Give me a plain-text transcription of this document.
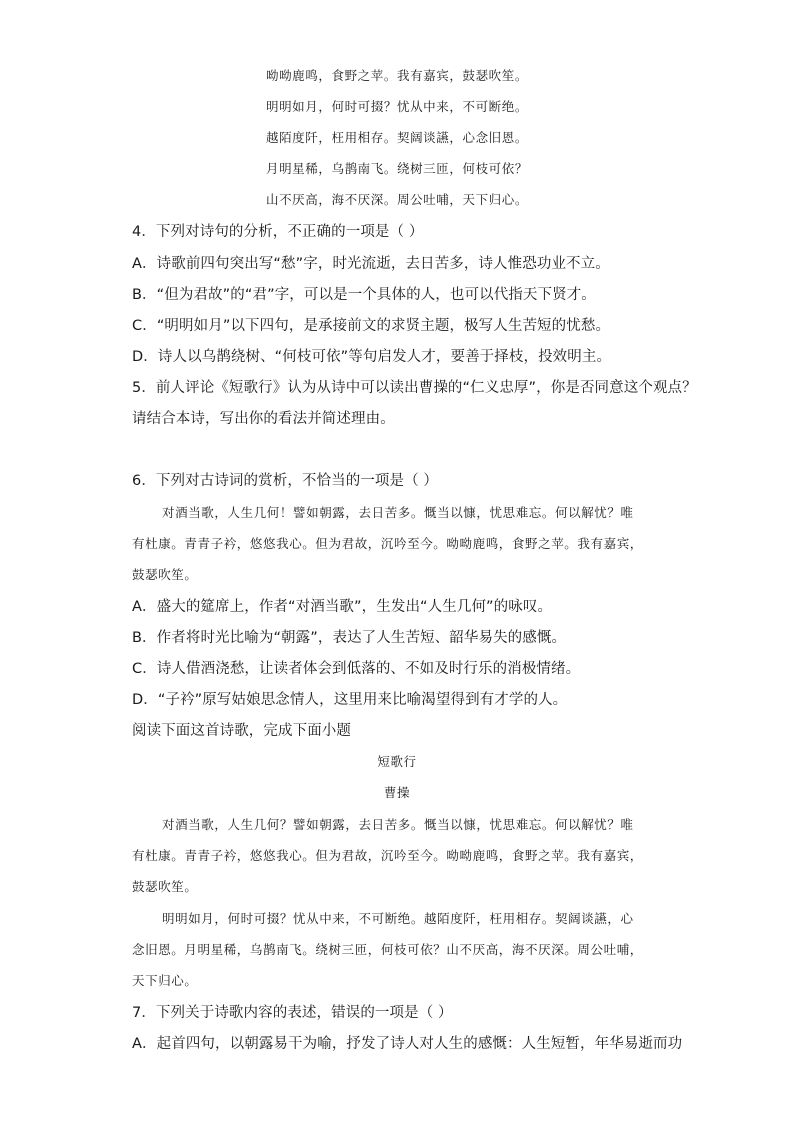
呦呦鹿鸣，食野之苹。我有嘉宾，鼓瑟吹笙。
明明如月，何时可掇？忧从中来，不可断绝。
越陌度阡，枉用相存。契阔谈讌，心念旧恩。
月明星稀，乌鹊南飞。绕树三匝，何枝可依？
山不厌高，海不厌深。周公吐哺，天下归心。
4．下列对诗句的分析，不正确的一项是（ ）
A．诗歌前四句突出写“愁”字，时光流逝，去日苦多，诗人惟恐功业不立。
B．“但为君故”的“君”字，可以是一个具体的人，也可以代指天下贤才。
C．“明明如月”以下四句，是承接前文的求贤主题，极写人生苦短的忧愁。
D．诗人以乌鹊绕树、“何枝可依”等句启发人才，要善于择枝，投效明主。
5．前人评论《短歌行》认为从诗中可以读出曹操的“仁义忠厚”，你是否同意这个观点？
请结合本诗，写出你的看法并简述理由。
6．下列对古诗词的赏析，不恰当的一项是（ ）
对酒当歌，人生几何！譬如朝露，去日苦多。慨当以慷，忧思难忘。何以解忧？唯
有杜康。青青子衿，悠悠我心。但为君故，沉吟至今。呦呦鹿鸣，食野之苹。我有嘉宾，
鼓瑟吹笙。
A．盛大的筵席上，作者“对酒当歌”，生发出“人生几何”的咏叹。
B．作者将时光比喻为“朝露”，表达了人生苦短、韶华易失的感慨。
C．诗人借酒浇愁，让读者体会到低落的、不如及时行乐的消极情绪。
D．“子衿”原写姑娘思念情人，这里用来比喻渴望得到有才学的人。
阅读下面这首诗歌，完成下面小题
短歌行
曹操
对酒当歌，人生几何？譬如朝露，去日苦多。慨当以慷，忧思难忘。何以解忧？唯
有杜康。青青子衿，悠悠我心。但为君故，沉吟至今。呦呦鹿鸣，食野之苹。我有嘉宾，
鼓瑟吹笙。
明明如月，何时可掇？忧从中来，不可断绝。越陌度阡，枉用相存。契阔谈讌，心
念旧恩。月明星稀，乌鹊南飞。绕树三匝，何枝可依？山不厌高，海不厌深。周公吐哺，
天下归心。
7．下列关于诗歌内容的表述，错误的一项是（ ）
A．起首四句，以朝露易干为喻，抒发了诗人对人生的感慨：人生短暂，年华易逝而功
